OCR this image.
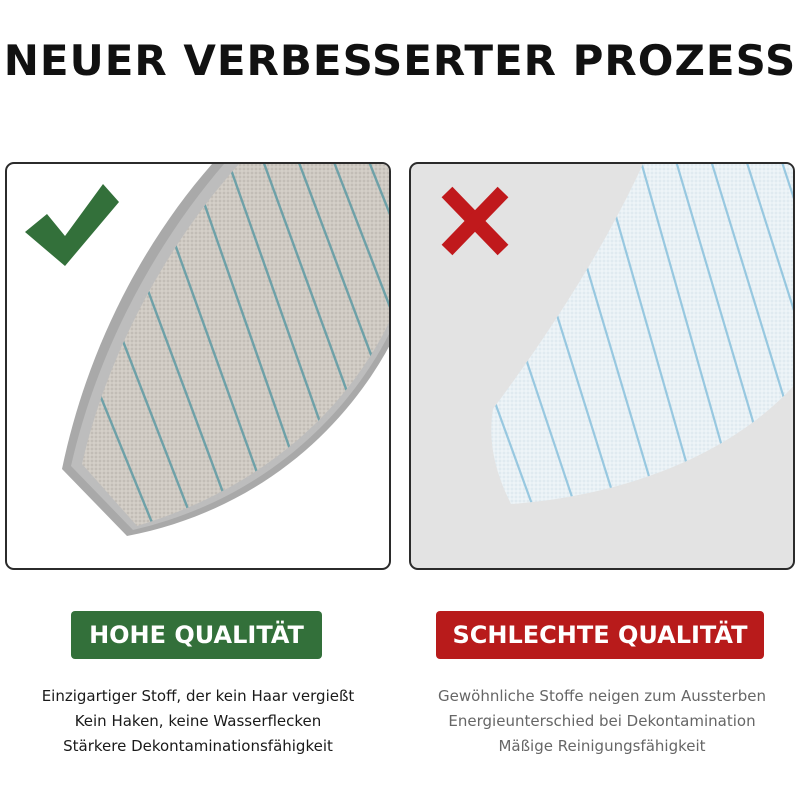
NEUER VERBESSERTER PROZESS
HOHE QUALITÄT	SCHLECHTE QUALITÄT
Einzigartiger Stoff, der kein Haar vergießt
Kein Haken, keine Wasserflecken
Stärkere Dekontaminationsfähigkeit
Gewöhnliche Stoffe neigen zum Aussterben
Energieunterschied bei Dekontamination
Mäßige Reinigungsfähigkeit
